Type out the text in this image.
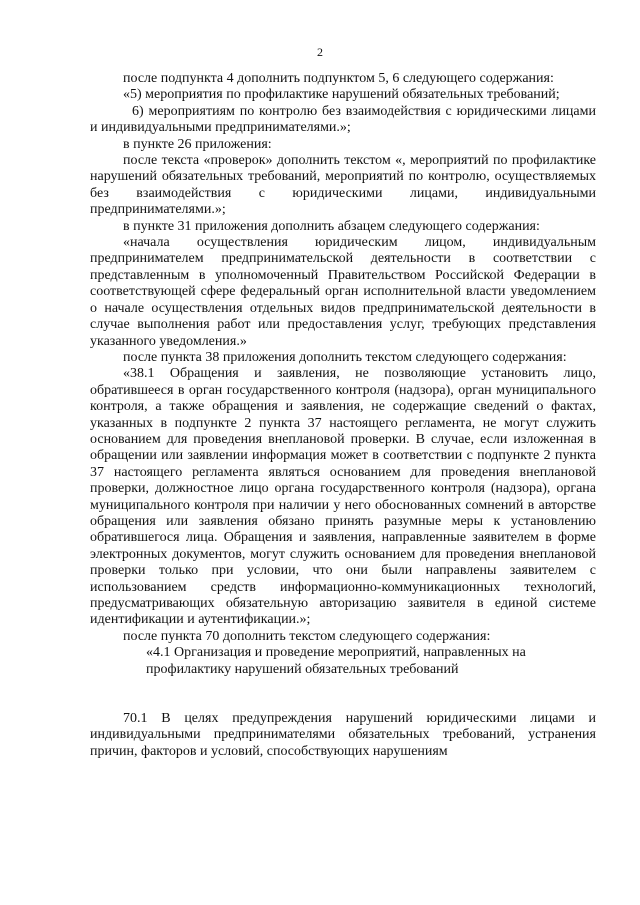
2

после подпункта 4 дополнить подпунктом 5, 6 следующего содержания:

«5) мероприятия по профилактике нарушений обязательных требований;

6) мероприятиям по контролю без взаимодействия с юридическими лицами и индивидуальными предпринимателями.»;

в пункте 26 приложения:

после текста «проверок» дополнить текстом «, мероприятий по профилактике нарушений обязательных требований, мероприятий по контролю, осуществляемых без взаимодействия с юридическими лицами, индивидуальными предпринимателями.»;

в пункте 31 приложения дополнить абзацем следующего содержания:

«начала осуществления юридическим лицом, индивидуальным предпринимателем предпринимательской деятельности в соответствии с представленным в уполномоченный Правительством Российской Федерации в соответствующей сфере федеральный орган исполнительной власти уведомлением о начале осуществления отдельных видов предпринимательской деятельности в случае выполнения работ или предоставления услуг, требующих представления указанного уведомления.»

после пункта 38 приложения дополнить текстом следующего содержания:

«38.1 Обращения и заявления, не позволяющие установить лицо, обратившееся в орган государственного контроля (надзора), орган муниципального контроля, а также обращения и заявления, не содержащие сведений о фактах, указанных в подпункте 2 пункта 37 настоящего регламента, не могут служить основанием для проведения внеплановой проверки. В случае, если изложенная в обращении или заявлении информация может в соответствии с подпункте 2 пункта 37 настоящего регламента являться основанием для проведения внеплановой проверки, должностное лицо органа государственного контроля (надзора), органа муниципального контроля при наличии у него обоснованных сомнений в авторстве обращения или заявления обязано принять разумные меры к установлению обратившегося лица. Обращения и заявления, направленные заявителем в форме электронных документов, могут служить основанием для проведения внеплановой проверки только при условии, что они были направлены заявителем с использованием средств информационно-коммуникационных технологий, предусматривающих обязательную авторизацию заявителя в единой системе идентификации и аутентификации.»;

после пункта 70 дополнить текстом следующего содержания:

«4.1 Организация и проведение мероприятий, направленных на профилактику нарушений обязательных требований

70.1 В целях предупреждения нарушений юридическими лицами и индивидуальными предпринимателями обязательных требований, устранения причин, факторов и условий, способствующих нарушениям
